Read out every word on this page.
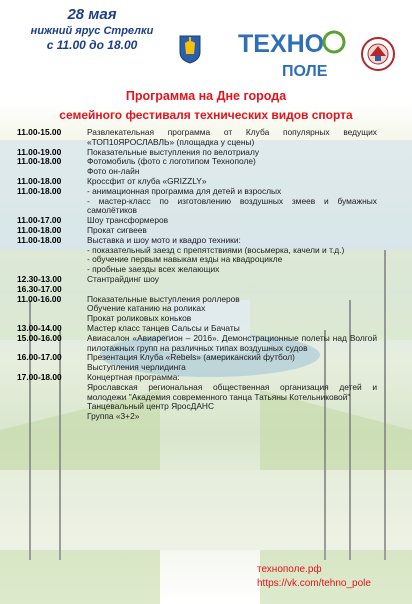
28 мая
нижний ярус Стрелки
с 11.00 до 18.00	ТЕХНО
ПОЛЕ
Программа на Дне города
семейного фестиваля технических видов спорта
11.00-15.00	Развлекательная программа от Клуба популярных ведущих «ТОП10ЯРОСЛАВЛЬ» (площадка у сцены)
11.00-19.00	Показательные выступления по велотриалу
11.00-18.00	Фотомобиль (фото с логотипом Технополе)
Фото он-лайн
11.00-18.00	Кроссфит от клуба «GRIZZLY»
11.00-18.00	- анимационная программа для детей и взрослых
- мастер-класс по изготовлению воздушных змеев и бумажных самолётиков
11.00-17.00	Шоу трансформеров
11.00-18.00	Прокат сигвеев
11.00-18.00	Выставка и шоу мото и квадро техники:
- показательный заезд с препятствиями (восьмерка, качели и т.д.)
- обучение первым навыкам езды на квадроцикле
- пробные заезды всех желающих
12.30-13.00	Стантрайдинг шоу
16.30-17.00
11.00-16.00	Показательные выступления роллеров
Обучение катанию на роликах
Прокат роликовых коньков
13.00-14.00	Мастер класс танцев Сальсы и Бачаты
15.00-16.00	Авиасалон «Авиарегион – 2016». Демонстрационные полеты над Волгой пилотажных групп на различных типах воздушных судов
16.00-17.00	Презентация Клуба «Rebels» (американский футбол)
Выступления черлидинга
17.00-18.00	Концертная программа:
Ярославская региональная общественная организация детей и молодежи "Академия современного танца Татьяны Котельниковой"
Танцевальный центр ЯросДАНС
Группа «3+2»
технополе.рф
https://vk.com/tehno_pole
